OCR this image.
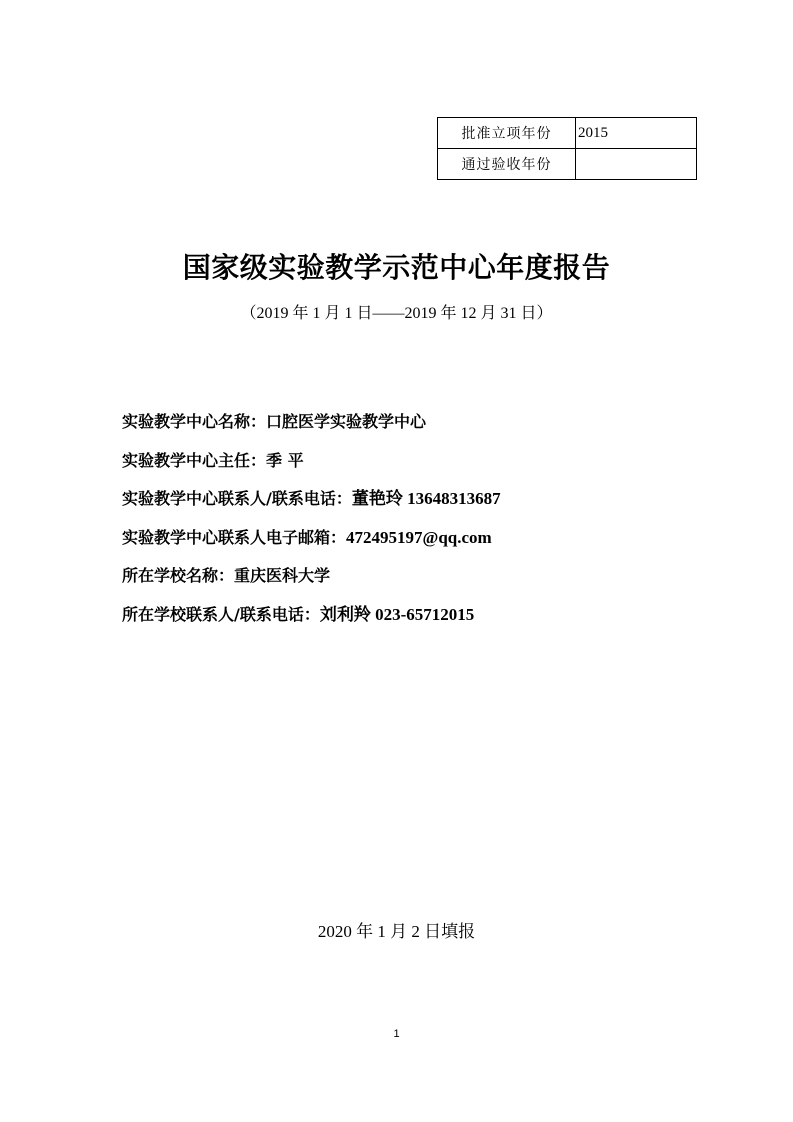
批准立项年份	2015
通过验收年份	
国家级实验教学示范中心年度报告
（2019 年 1 月 1 日——2019 年 12 月 31 日）
实验教学中心名称：口腔医学实验教学中心
实验教学中心主任：季 平
实验教学中心联系人/联系电话：董艳玲 13648313687
实验教学中心联系人电子邮箱：472495197@qq.com
所在学校名称：重庆医科大学
所在学校联系人/联系电话：刘利羚 023-65712015
2020 年 1 月 2 日填报
1
